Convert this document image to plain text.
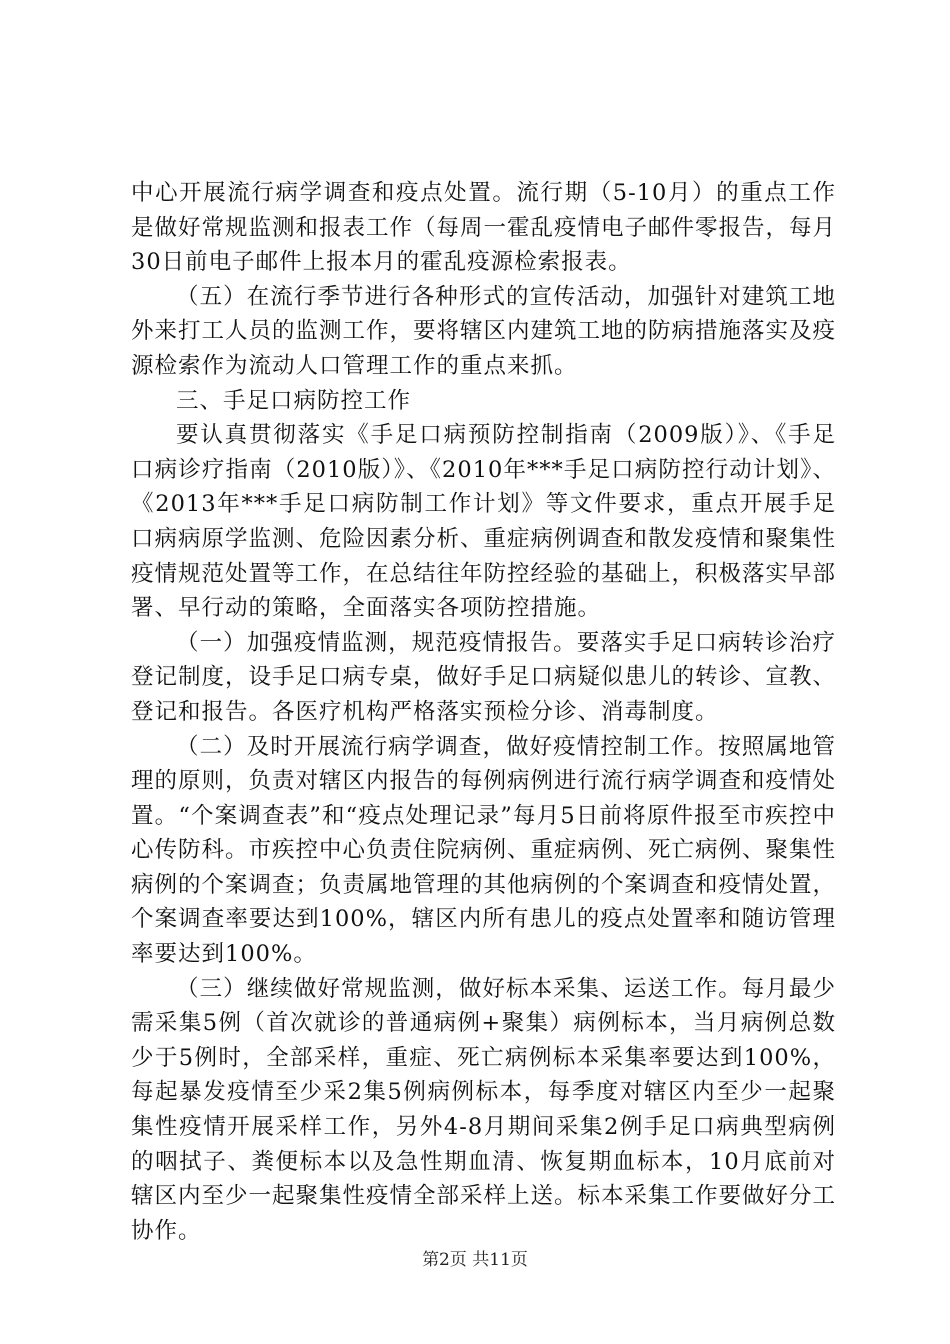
中心开展流行病学调查和疫点处置。流行期（5-10月）的重点工作是做好常规监测和报表工作（每周一霍乱疫情电子邮件零报告，每月30日前电子邮件上报本月的霍乱疫源检索报表。

（五）在流行季节进行各种形式的宣传活动，加强针对建筑工地外来打工人员的监测工作，要将辖区内建筑工地的防病措施落实及疫源检索作为流动人口管理工作的重点来抓。

三、手足口病防控工作

要认真贯彻落实《手足口病预防控制指南（2009版）》、《手足口病诊疗指南（2010版）》、《2010年***手足口病防控行动计划》、《2013年***手足口病防制工作计划》等文件要求，重点开展手足口病病原学监测、危险因素分析、重症病例调查和散发疫情和聚集性疫情规范处置等工作，在总结往年防控经验的基础上，积极落实早部署、早行动的策略，全面落实各项防控措施。

（一）加强疫情监测，规范疫情报告。要落实手足口病转诊治疗登记制度，设手足口病专桌，做好手足口病疑似患儿的转诊、宣教、登记和报告。各医疗机构严格落实预检分诊、消毒制度。

（二）及时开展流行病学调查，做好疫情控制工作。按照属地管理的原则，负责对辖区内报告的每例病例进行流行病学调查和疫情处置。“个案调查表”和“疫点处理记录”每月5日前将原件报至市疾控中心传防科。市疾控中心负责住院病例、重症病例、死亡病例、聚集性病例的个案调查；负责属地管理的其他病例的个案调查和疫情处置，个案调查率要达到100%，辖区内所有患儿的疫点处置率和随访管理率要达到100%。

（三）继续做好常规监测，做好标本采集、运送工作。每月最少需采集5例（首次就诊的普通病例+聚集）病例标本，当月病例总数少于5例时，全部采样，重症、死亡病例标本采集率要达到100%，每起暴发疫情至少采2集5例病例标本，每季度对辖区内至少一起聚集性疫情开展采样工作，另外4-8月期间采集2例手足口病典型病例的咽拭子、粪便标本以及急性期血清、恢复期血标本，10月底前对辖区内至少一起聚集性疫情全部采样上送。标本采集工作要做好分工协作。

第2页 共11页
